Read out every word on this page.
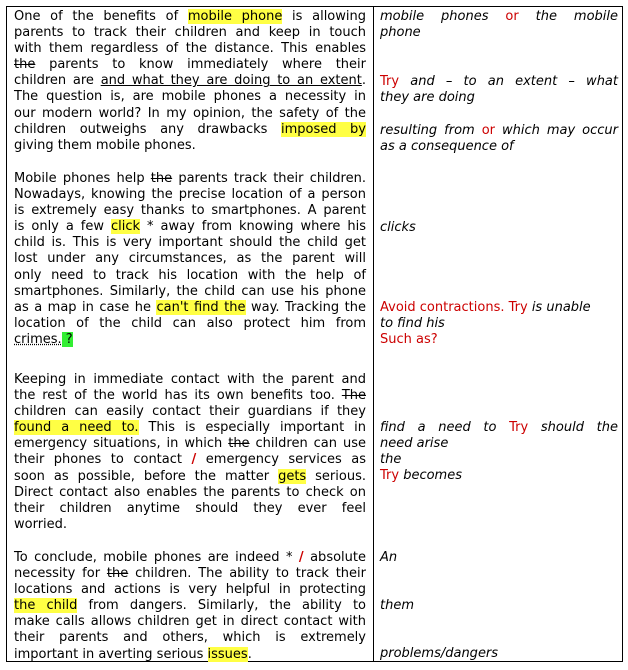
One of the benefits of mobile phone is allowing
parents to track their children and keep in touch
with them regardless of the distance. This enables
the parents to know immediately where their
children are and what they are doing to an extent.
The question is, are mobile phones a necessity in
our modern world? In my opinion, the safety of the
children outweighs any drawbacks imposed by
giving them mobile phones.
Mobile phones help the parents track their children.
Nowadays, knowing the precise location of a person
is extremely easy thanks to smartphones. A parent
is only a few click * away from knowing where his
child is. This is very important should the child get
lost under any circumstances, as the parent will
only need to track his location with the help of
smartphones. Similarly, the child can use his phone
as a map in case he can't find the way. Tracking the
location of the child can also protect him from
crimes. ?
Keeping in immediate contact with the parent and
the rest of the world has its own benefits too. The
children can easily contact their guardians if they
found a need to. This is especially important in
emergency situations, in which the children can use
their phones to contact / emergency services as
soon as possible, before the matter gets serious.
Direct contact also enables the parents to check on
their children anytime should they ever feel
worried.
To conclude, mobile phones are indeed * / absolute
necessity for the children. The ability to track their
locations and actions is very helpful in protecting
the child from dangers. Similarly, the ability to
make calls allows children get in direct contact with
their parents and others, which is extremely
important in averting serious issues.
mobile phones or the mobile
phone
Try and – to an extent – what
they are doing
resulting from or which may occur
as a consequence of
clicks
Avoid contractions. Try is unable
to find his
Such as?
find a need to Try should the
need arise
the
Try becomes
An
them
problems/dangers
